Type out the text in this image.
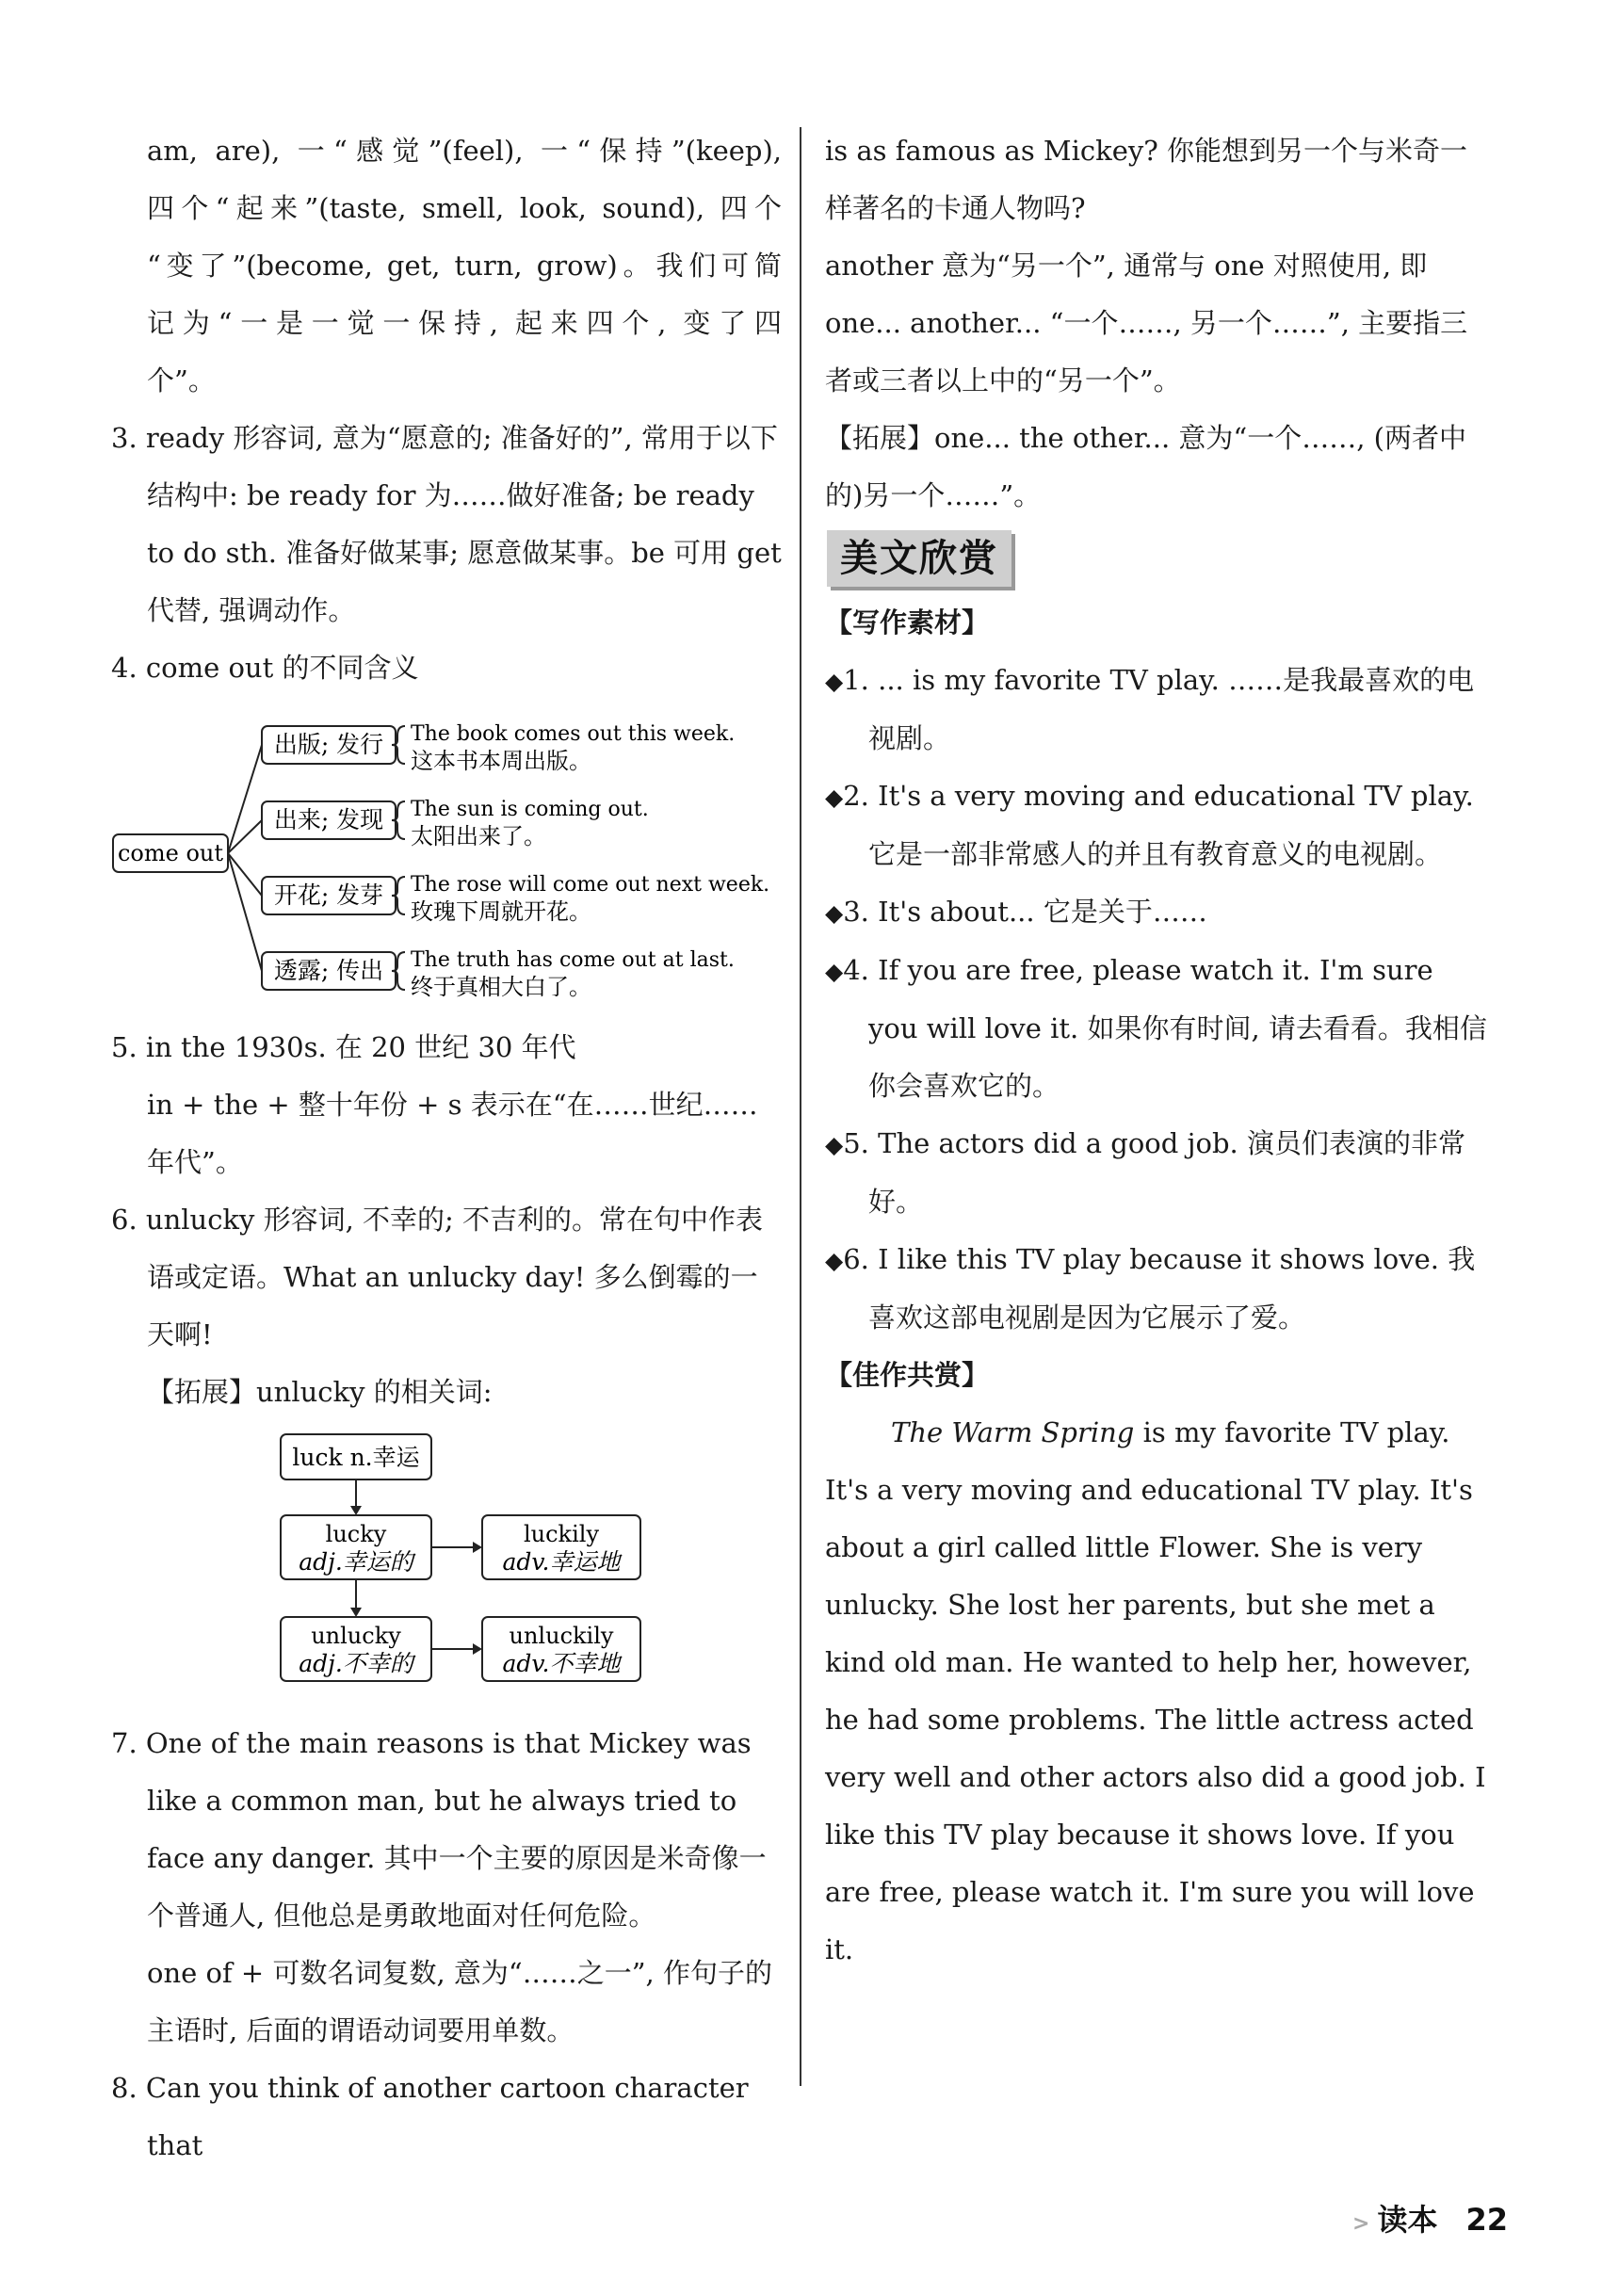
am, are), 一“感觉”(feel), 一“保持”(keep),

四个“起来”(taste, smell, look, sound), 四个

“变了”(become, get, turn, grow)。我们可简

记为“一是一觉一保持, 起来四个, 变了四

个”。

3. ready 形容词, 意为“愿意的; 准备好的”, 常用于以下结构中: be ready for 为……做好准备; be ready to do sth. 准备好做某事; 愿意做某事。be 可用 get 代替, 强调动作。

4. come out 的不同含义

come out
出版; 发行 The book comes out this week.
这本书本周出版。
出来; 发现 The sun is coming out.
太阳出来了。
开花; 发芽 The rose will come out next week.
玫瑰下周就开花。
透露; 传出 The truth has come out at last.
终于真相大白了。

5. in the 1930s. 在 20 世纪 30 年代

in + the + 整十年份 + s 表示在“在……世纪……年代”。

6. unlucky 形容词, 不幸的; 不吉利的。常在句中作表语或定语。What an unlucky day! 多么倒霉的一天啊!

【拓展】unlucky 的相关词:

luck n.幸运
lucky
adj.幸运的
luckily
adv.幸运地
unlucky
adj.不幸的
unluckily
adv.不幸地

7. One of the main reasons is that Mickey was like a common man, but he always tried to face any danger. 其中一个主要的原因是米奇像一个普通人, 但他总是勇敢地面对任何危险。

one of + 可数名词复数, 意为“……之一”, 作句子的主语时, 后面的谓语动词要用单数。

8. Can you think of another cartoon character that

is as famous as Mickey? 你能想到另一个与米奇一样著名的卡通人物吗?

another 意为“另一个”, 通常与 one 对照使用, 即 one... another... “一个……, 另一个……”, 主要指三者或三者以上中的“另一个”。

【拓展】one... the other... 意为“一个……, (两者中的)另一个……”。

美文欣赏

【写作素材】

◆1. ... is my favorite TV play. ……是我最喜欢的电视剧。

◆2. It's a very moving and educational TV play. 它是一部非常感人的并且有教育意义的电视剧。

◆3. It's about... 它是关于……

◆4. If you are free, please watch it. I'm sure you will love it. 如果你有时间, 请去看看。我相信你会喜欢它的。

◆5. The actors did a good job. 演员们表演的非常好。

◆6. I like this TV play because it shows love. 我喜欢这部电视剧是因为它展示了爱。

【佳作共赏】

The Warm Spring is my favorite TV play. It's a very moving and educational TV play. It's about a girl called little Flower. She is very unlucky. She lost her parents, but she met a kind old man. He wanted to help her, however, he had some problems. The little actress acted very well and other actors also did a good job. I like this TV play because it shows love. If you are free, please watch it. I'm sure you will love it.

> 读本 22
